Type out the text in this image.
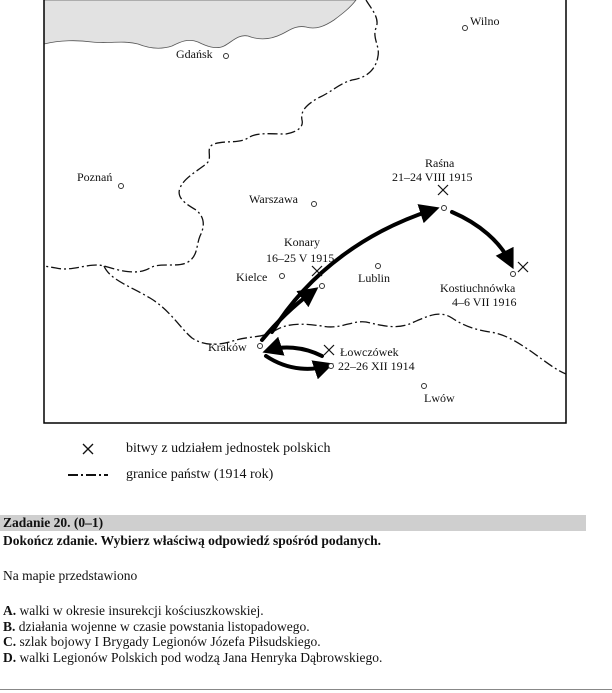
Wilno
Gdańsk
Poznań
Warszawa
Kielce	Lublin
Kraków
Lwów
Raśna
21–24 VIII 1915
Konary
16–25 V 1915
Kostiuchnówka
4–6 VII 1916
Łowczówek
22–26 XII 1914
bitwy z udziałem jednostek polskich
granice państw (1914 rok)
Zadanie 20. (0–1)
Dokończ zdanie. Wybierz właściwą odpowiedź spośród podanych.
Na mapie przedstawiono
A. walki w okresie insurekcji kościuszkowskiej.
B. działania wojenne w czasie powstania listopadowego.
C. szlak bojowy I Brygady Legionów Józefa Piłsudskiego.
D. walki Legionów Polskich pod wodzą Jana Henryka Dąbrowskiego.
